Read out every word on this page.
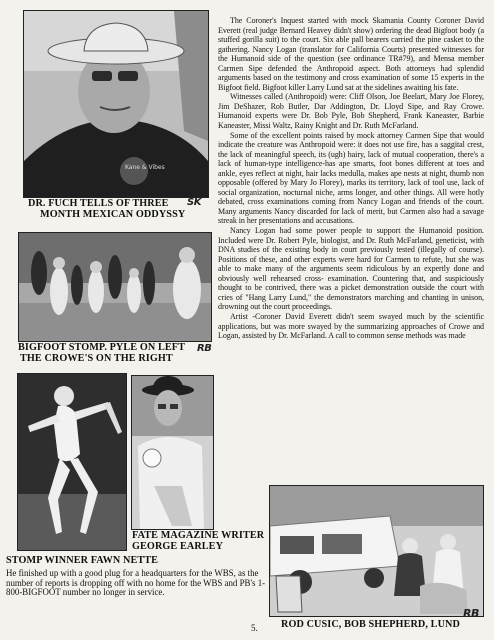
Kane & Vibes

DR. FUCH TELLS OF THREE

MONTH MEXICAN ODDYSSY

SK

BIGFOOT STOMP. PYLE ON LEFT

THE CROWE'S ON THE RIGHT

RB

FATE MAGAZINE WRITER

GEORGE EARLEY

STOMP WINNER FAWN NETTE

He finished up with a good plug for a headquarters for the WBS, as the number of reports is dropping off with no home for the WBS and PB's 1-800-BIGFOOT number no longer in service.

The Coroner's Inquest started with mock Skamania County Coroner David Everett (real judge Bernard Heavey didn't show) ordering the dead Bigfoot body (a stuffed gorilla suit) to the court. Six able pall bearers carried the pine casket to the gathering. Nancy Logan (translator for California Courts) presented witnesses for the Humanoid side of the question (see ordinance TR#79), and Mensa member Carmen Sipe defended the Anthropoid aspect. Both attorneys had splendid arguments based on the testimony and cross examination of some 15 experts in the Bigfoot field. Bigfoot killer Larry Lund sat at the sidelines awaiting his fate.

Witnesses called (Anthropoid) were: Cliff Olson, Joe Beelart, Mary Joe Florey, Jim DeShazer, Rob Butler, Dar Addington, Dr. Lloyd Sipe, and Ray Crowe. Humanoid experts were Dr. Bob Pyle, Bob Shepherd, Frank Kaneaster, Barbie Kaneaster, Missi Waltz, Rainy Knight and Dr. Ruth McFarland.

Some of the excellent points raised by mock attorney Carmen Sipe that would indicate the creature was Anthropoid were: it does not use fire, has a saggital crest, the lack of meaningful speech, its (ugh) hairy, lack of mutual cooperation, there's a lack of human-type intelligence-has ape smarts, foot bones different at toes and ankle, eyes reflect at night, hair lacks medulla, makes ape nests at night, thumb non opposable (offered by Mary Jo Florey), marks its territory, lack of tool use, lack of social organization, nocturnal niche, arms longer, and other things. All were hotly debated, cross examinations coming from Nancy Logan and friends of the court. Many arguments Nancy discarded for lack of merit, but Carmen also had a savage streak in her presentations and accusations.

Nancy Logan had some power people to support the Humanoid position. Included were Dr. Robert Pyle, biologist, and Dr. Ruth McFarland, geneticist, with DNA studies of the existing body in court previously tested (illegally of course). Positions of these, and other experts were hard for Carmen to refute, but she was able to make many of the arguments seem ridiculous by an expertly done and obviously well rehearsed cross- examination. Countering that, and suspiciously thought to be contrived, there was a picket demonstration outside the court with cries of "Hang Larry Lund," the demonstrators marching and chanting in unison, drowning out the court proceedings.

Artist -Coroner David Everett didn't seem swayed much by the scientific applications, but was more swayed by the summarizing approaches of Crowe and Logan, assisted by Dr. McFarland. A call to common sense methods was made

ROD CUSIC, BOB SHEPHERD, LUND

RB

5.
